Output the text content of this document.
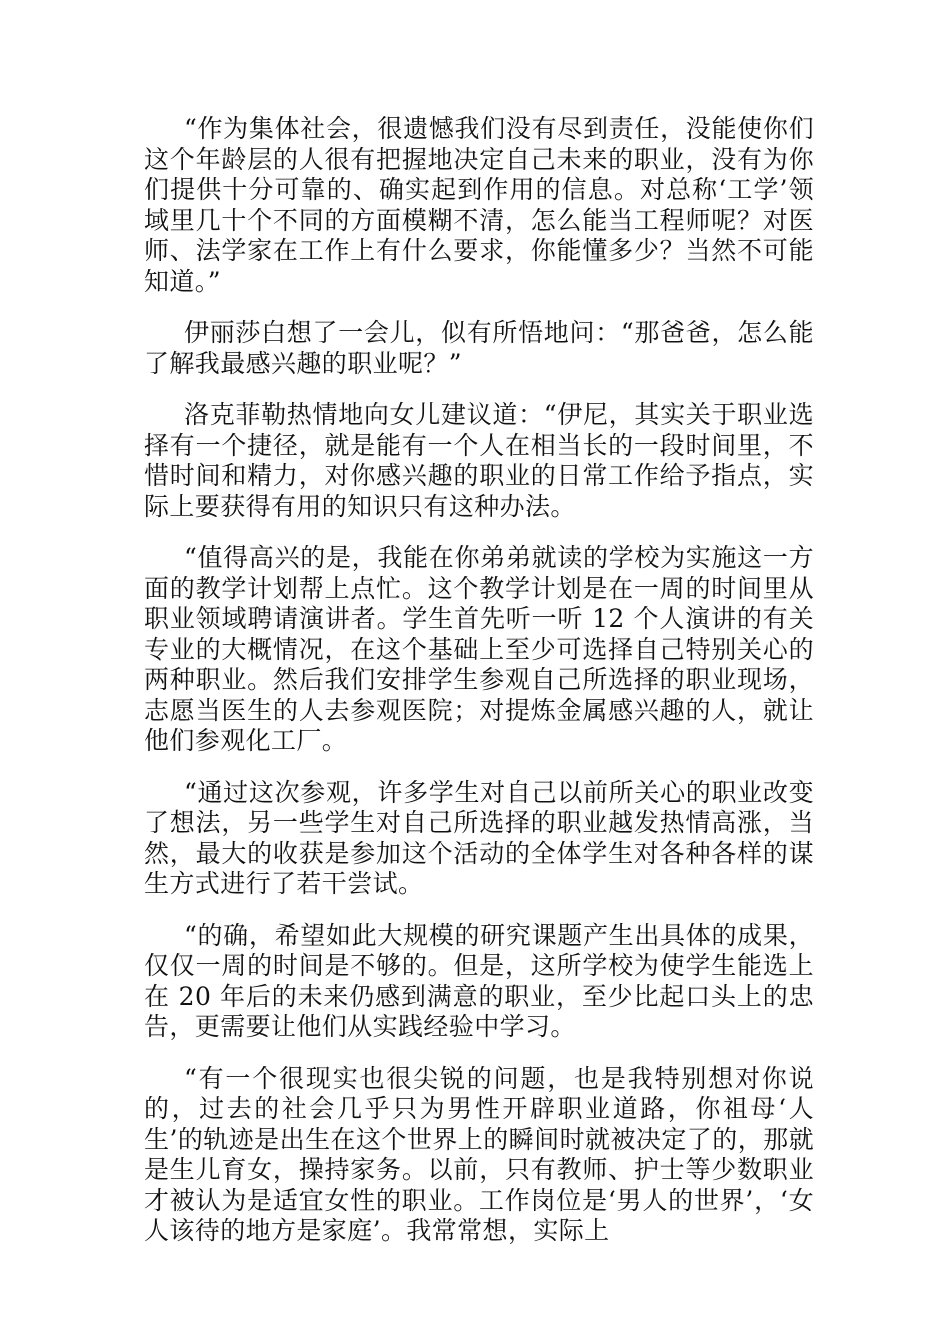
“作为集体社会，很遗憾我们没有尽到责任，没能使你们这个年龄层的人很有把握地决定自己未来的职业，没有为你们提供十分可靠的、确实起到作用的信息。对总称‘工学’领域里几十个不同的方面模糊不清，怎么能当工程师呢？对医师、法学家在工作上有什么要求，你能懂多少？当然不可能知道。”

伊丽莎白想了一会儿，似有所悟地问：“那爸爸，怎么能了解我最感兴趣的职业呢？”

洛克菲勒热情地向女儿建议道：“伊尼，其实关于职业选择有一个捷径，就是能有一个人在相当长的一段时间里，不惜时间和精力，对你感兴趣的职业的日常工作给予指点，实际上要获得有用的知识只有这种办法。

“值得高兴的是，我能在你弟弟就读的学校为实施这一方面的教学计划帮上点忙。这个教学计划是在一周的时间里从职业领域聘请演讲者。学生首先听一听 12 个人演讲的有关专业的大概情况，在这个基础上至少可选择自己特别关心的两种职业。然后我们安排学生参观自己所选择的职业现场，志愿当医生的人去参观医院；对提炼金属感兴趣的人，就让他们参观化工厂。

“通过这次参观，许多学生对自己以前所关心的职业改变了想法，另一些学生对自己所选择的职业越发热情高涨，当然，最大的收获是参加这个活动的全体学生对各种各样的谋生方式进行了若干尝试。

“的确，希望如此大规模的研究课题产生出具体的成果，仅仅一周的时间是不够的。但是，这所学校为使学生能选上在 20 年后的未来仍感到满意的职业，至少比起口头上的忠告，更需要让他们从实践经验中学习。

“有一个很现实也很尖锐的问题，也是我特别想对你说的，过去的社会几乎只为男性开辟职业道路，你祖母‘人生’的轨迹是出生在这个世界上的瞬间时就被决定了的，那就是生儿育女，操持家务。以前，只有教师、护士等少数职业才被认为是适宜女性的职业。工作岗位是‘男人的世界’，‘女人该待的地方是家庭’。我常常想，实际上
